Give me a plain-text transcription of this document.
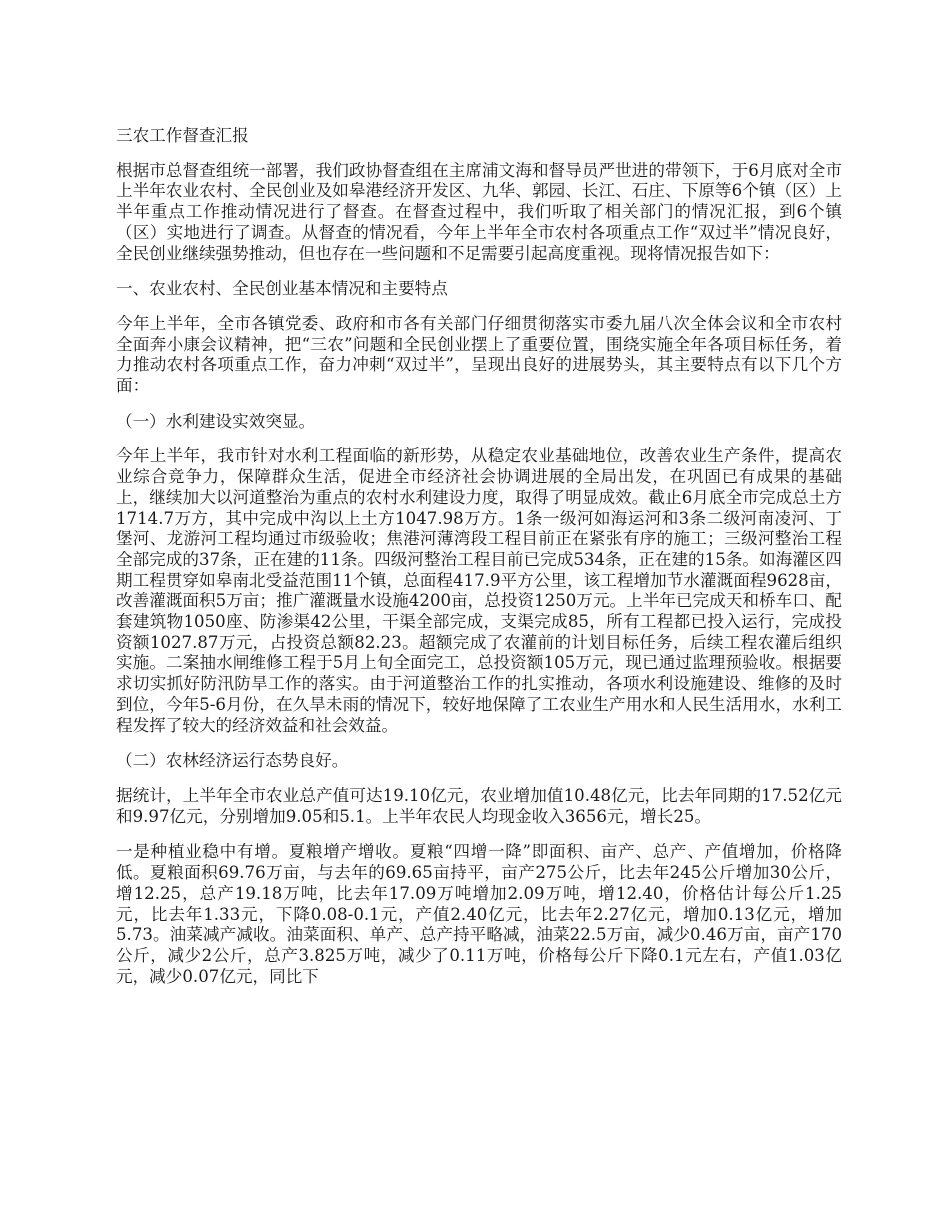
三农工作督查汇报

根据市总督查组统一部署，我们政协督查组在主席浦文海和督导员严世进的带领下，于6月底对全市上半年农业农村、全民创业及如皋港经济开发区、九华、郭园、长江、石庄、下原等6个镇（区）上半年重点工作推动情况进行了督查。在督查过程中，我们听取了相关部门的情况汇报，到6个镇（区）实地进行了调查。从督查的情况看，今年上半年全市农村各项重点工作“双过半”情况良好，全民创业继续强势推动，但也存在一些问题和不足需要引起高度重视。现将情况报告如下：

一、农业农村、全民创业基本情况和主要特点

今年上半年，全市各镇党委、政府和市各有关部门仔细贯彻落实市委九届八次全体会议和全市农村全面奔小康会议精神，把“三农”问题和全民创业摆上了重要位置，围绕实施全年各项目标任务，着力推动农村各项重点工作，奋力冲刺“双过半”，呈现出良好的进展势头，其主要特点有以下几个方面：

（一）水利建设实效突显。

今年上半年，我市针对水利工程面临的新形势，从稳定农业基础地位，改善农业生产条件，提高农业综合竞争力，保障群众生活，促进全市经济社会协调进展的全局出发，在巩固已有成果的基础上，继续加大以河道整治为重点的农村水利建设力度，取得了明显成效。截止6月底全市完成总土方1714.7万方，其中完成中沟以上土方1047.98万方。1条一级河如海运河和3条二级河南凌河、丁堡河、龙游河工程均通过市级验收；焦港河薄湾段工程目前正在紧张有序的施工；三级河整治工程全部完成的37条，正在建的11条。四级河整治工程目前已完成534条，正在建的15条。如海灌区四期工程贯穿如皋南北受益范围11个镇，总面程417.9平方公里，该工程增加节水灌溉面程9628亩，改善灌溉面积5万亩；推广灌溉量水设施4200亩，总投资1250万元。上半年已完成天和桥车口、配套建筑物1050座、防渗渠42公里，干渠全部完成，支渠完成85，所有工程都已投入运行，完成投资额1027.87万元，占投资总额82.23。超额完成了农灌前的计划目标任务，后续工程农灌后组织实施。二案抽水闸维修工程于5月上旬全面完工，总投资额105万元，现已通过监理预验收。根据要求切实抓好防汛防旱工作的落实。由于河道整治工作的扎实推动，各项水利设施建设、维修的及时到位，今年5-6月份，在久旱未雨的情况下，较好地保障了工农业生产用水和人民生活用水，水利工程发挥了较大的经济效益和社会效益。

（二）农林经济运行态势良好。

据统计，上半年全市农业总产值可达19.10亿元，农业增加值10.48亿元，比去年同期的17.52亿元和9.97亿元，分别增加9.05和5.1。上半年农民人均现金收入3656元，增长25。

一是种植业稳中有增。夏粮增产增收。夏粮“四增一降”即面积、亩产、总产、产值增加，价格降低。夏粮面积69.76万亩，与去年的69.65亩持平，亩产275公斤，比去年245公斤增加30公斤，增12.25，总产19.18万吨，比去年17.09万吨增加2.09万吨，增12.40，价格估计每公斤1.25元，比去年1.33元，下降0.08-0.1元，产值2.40亿元，比去年2.27亿元，增加0.13亿元，增加5.73。油菜减产减收。油菜面积、单产、总产持平略减，油菜22.5万亩，减少0.46万亩，亩产170公斤，减少2公斤，总产3.825万吨，减少了0.11万吨，价格每公斤下降0.1元左右，产值1.03亿元，减少0.07亿元，同比下
